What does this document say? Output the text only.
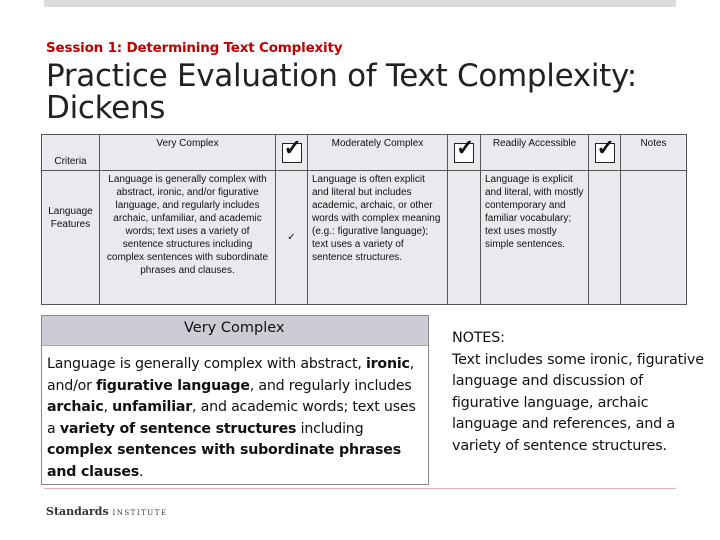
Session 1: Determining Text Complexity
Practice Evaluation of Text Complexity: Dickens
Criteria	Very Complex	✓	Moderately Complex	✓	Readily Accessible	✓	Notes
Language Features	Language is generally complex with abstract, ironic, and/or figurative language, and regularly includes archaic, unfamiliar, and academic words; text uses a variety of sentence structures including complex sentences with subordinate phrases and clauses.	✓	Language is often explicit and literal but includes academic, archaic, or other words with complex meaning (e.g.: figurative language); text uses a variety of sentence structures.		Language is explicit and literal, with mostly contemporary and familiar vocabulary; text uses mostly simple sentences.		
Very Complex
Language is generally complex with abstract, ironic, and/or figurative language, and regularly includes archaic, unfamiliar, and academic words; text uses a variety of sentence structures including complex sentences with subordinate phrases and clauses.
NOTES:
Text includes some ironic, figurative language and discussion of figurative language, archaic language and references, and a variety of sentence structures.
Standards INSTITUTE
